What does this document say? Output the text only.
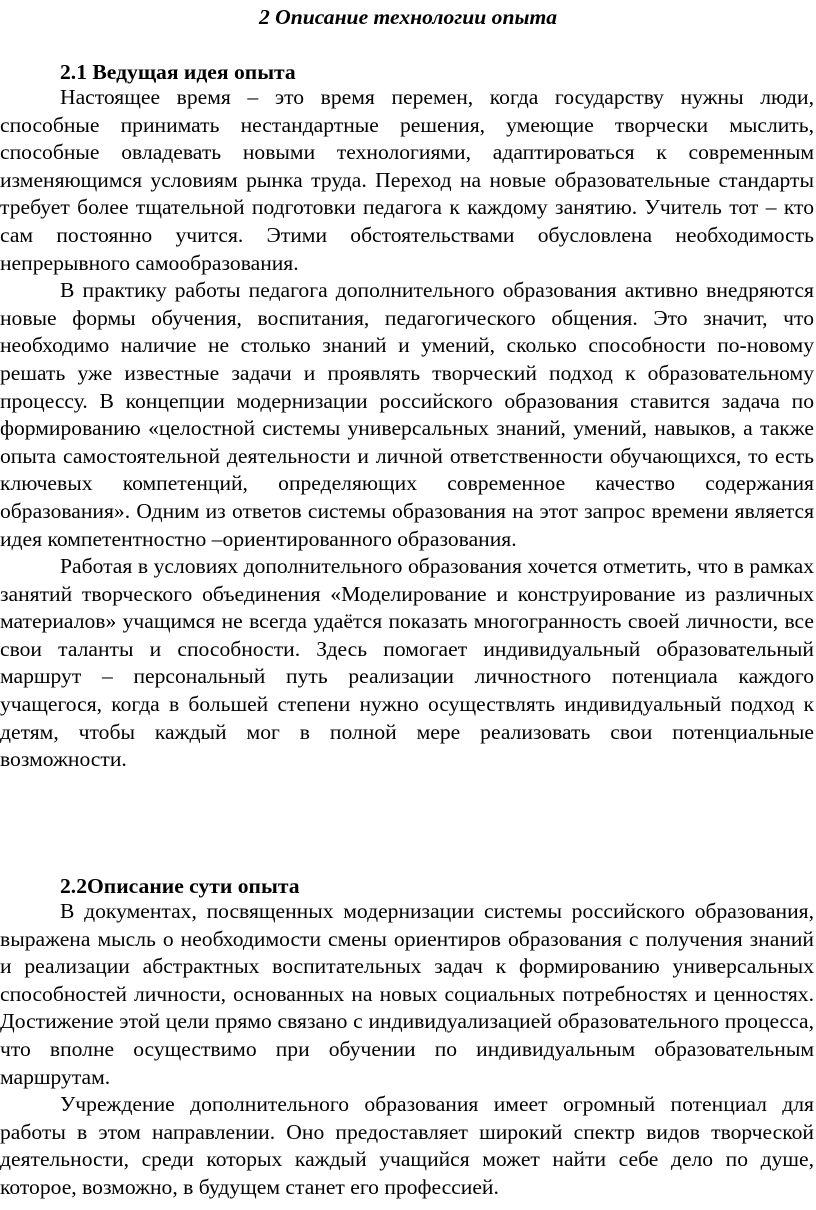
2 Описание технологии опыта
2.1 Ведущая идея опыта

Настоящее время – это время перемен, когда государству нужны люди, способные принимать нестандартные решения, умеющие творчески мыслить, способные овладевать новыми технологиями, адаптироваться к современным изменяющимся условиям рынка труда. Переход на новые образовательные стандарты требует более тщательной подготовки педагога к каждому занятию. Учитель тот – кто сам постоянно учится. Этими обстоятельствами обусловлена необходимость непрерывного самообразования.

В практику работы педагога дополнительного образования активно внедряются новые формы обучения, воспитания, педагогического общения. Это значит, что необходимо наличие не столько знаний и умений, сколько способности по-новому решать уже известные задачи и проявлять творческий подход к образовательному процессу. В концепции модернизации российского образования ставится задача по формированию «целостной системы универсальных знаний, умений, навыков, а также опыта самостоятельной деятельности и личной ответственности обучающихся, то есть ключевых компетенций, определяющих современное качество содержания образования». Одним из ответов системы образования на этот запрос времени является идея компетентностно –ориентированного образования.

Работая в условиях дополнительного образования хочется отметить, что в рамках занятий творческого объединения «Моделирование и конструирование из различных материалов» учащимся не всегда удаётся показать многогранность своей личности, все свои таланты и способности. Здесь помогает индивидуальный образовательный маршрут – персональный путь реализации личностного потенциала каждого учащегося, когда в большей степени нужно осуществлять индивидуальный подход к детям, чтобы каждый мог в полной мере реализовать свои потенциальные возможности.

2.2Описание сути опыта

В документах, посвященных модернизации системы российского образования, выражена мысль о необходимости смены ориентиров образования с получения знаний и реализации абстрактных воспитательных задач к формированию универсальных способностей личности, основанных на новых социальных потребностях и ценностях. Достижение этой цели прямо связано с индивидуализацией образовательного процесса, что вполне осуществимо при обучении по индивидуальным образовательным маршрутам.

Учреждение дополнительного образования имеет огромный потенциал для работы в этом направлении. Оно предоставляет широкий спектр видов творческой деятельности, среди которых каждый учащийся может найти себе дело по душе, которое, возможно, в будущем станет его профессией.
